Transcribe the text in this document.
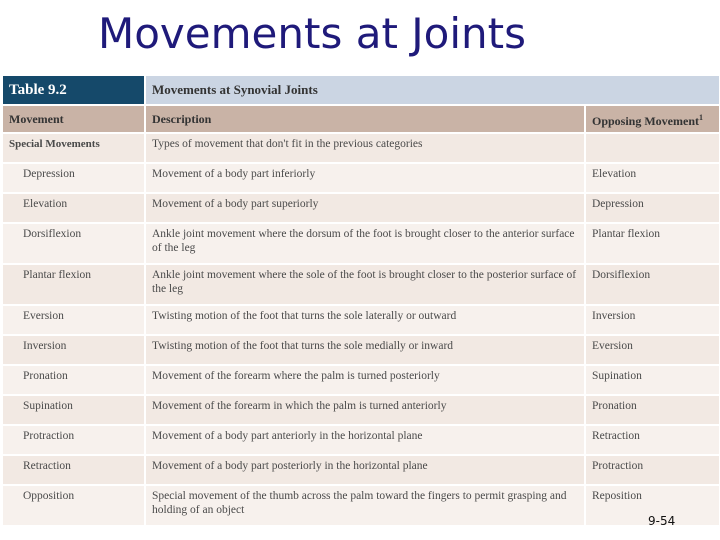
Movements at Joints
Table 9.2	Movements at Synovial Joints	
Movement	Description	Opposing Movement$^1$
Special Movements	Types of movement that don't fit in the previous categories	
Depression	Movement of a body part inferiorly	Elevation
Elevation	Movement of a body part superiorly	Depression
Dorsiflexion	Ankle joint movement where the dorsum of the foot is brought closer to the anterior surface of the leg	Plantar flexion
Plantar flexion	Ankle joint movement where the sole of the foot is brought closer to the posterior surface of the leg	Dorsiflexion
Eversion	Twisting motion of the foot that turns the sole laterally or outward	Inversion
Inversion	Twisting motion of the foot that turns the sole medially or inward	Eversion
Pronation	Movement of the forearm where the palm is turned posteriorly	Supination
Supination	Movement of the forearm in which the palm is turned anteriorly	Pronation
Protraction	Movement of a body part anteriorly in the horizontal plane	Retraction
Retraction	Movement of a body part posteriorly in the horizontal plane	Protraction
Opposition	Special movement of the thumb across the palm toward the fingers to permit grasping and holding of an object	Reposition
9-54
